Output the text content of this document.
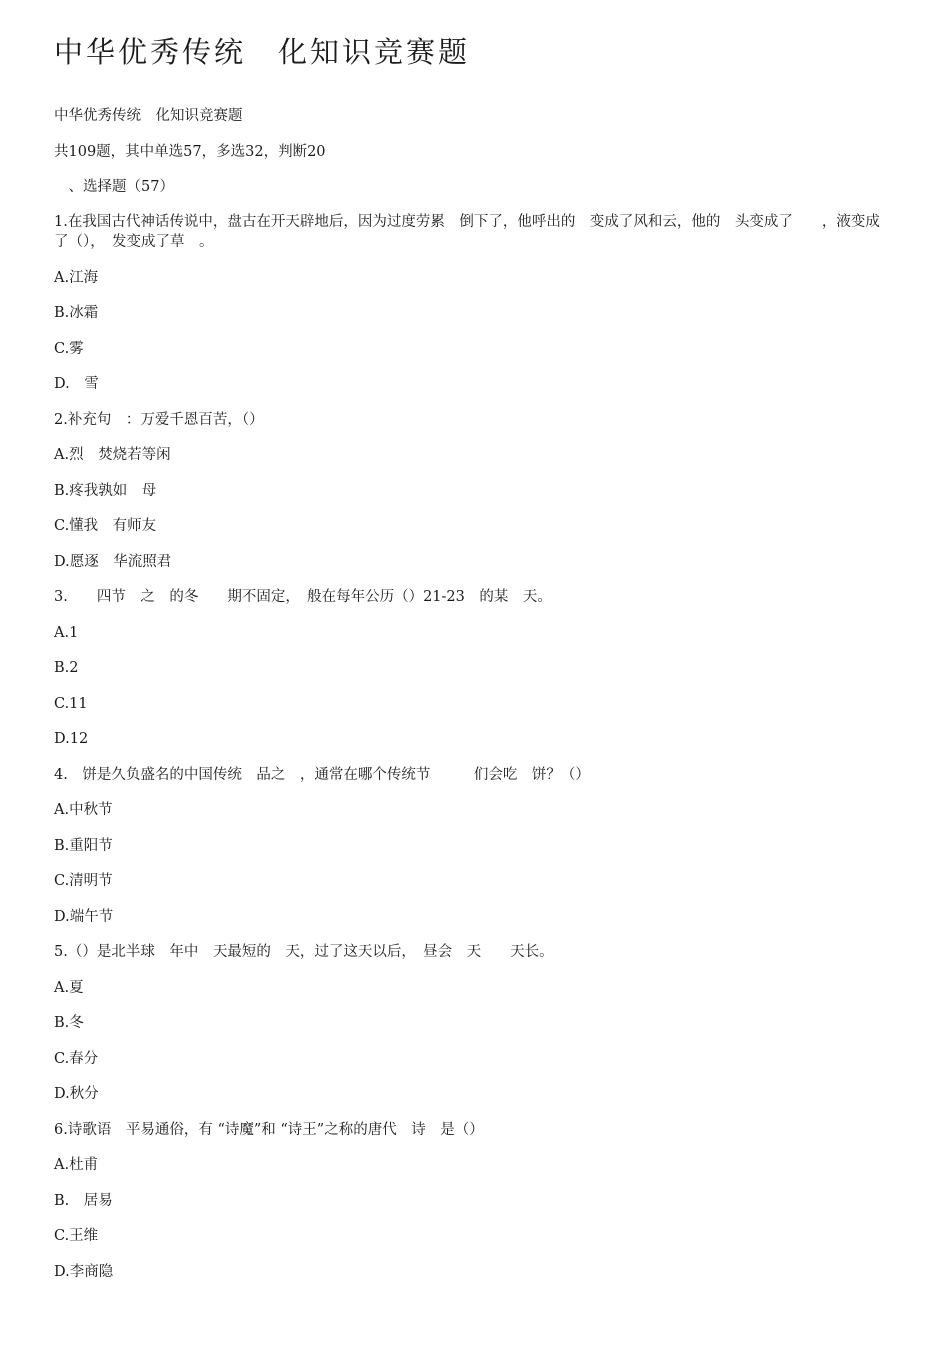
中华优秀传统　化知识竞赛题

中华优秀传统　化知识竞赛题

共109题，其中单选57，多选32，判断20

　、选择题（57）

1.在我国古代神话传说中，盘古在开天辟地后，因为过度劳累　倒下了，他呼出的　变成了风和云，他的　头变成了　　，液变成了（），　发变成了草　。

A.江海

B.冰霜

C.雾

D.　雪

2.补充句　：万爱千恩百苦，（）

A.烈　焚烧若等闲

B.疼我孰如　母

C.懂我　有师友

D.愿逐　华流照君

3.　　四节　之　的冬　　期不固定，　般在每年公历（）21-23　的某　天。

A.1

B.2

C.11

D.12

4.　饼是久负盛名的中国传统　品之　，通常在哪个传统节　　　们会吃　饼？（）

A.中秋节

B.重阳节

C.清明节

D.端午节

5.（）是北半球　年中　天最短的　天，过了这天以后，　昼会　天　　天长。

A.夏

B.冬

C.春分

D.秋分

6.诗歌语　平易通俗，有 “诗魔”和 “诗王”之称的唐代　诗　是（）

A.杜甫

B.　居易

C.王维

D.李商隐
